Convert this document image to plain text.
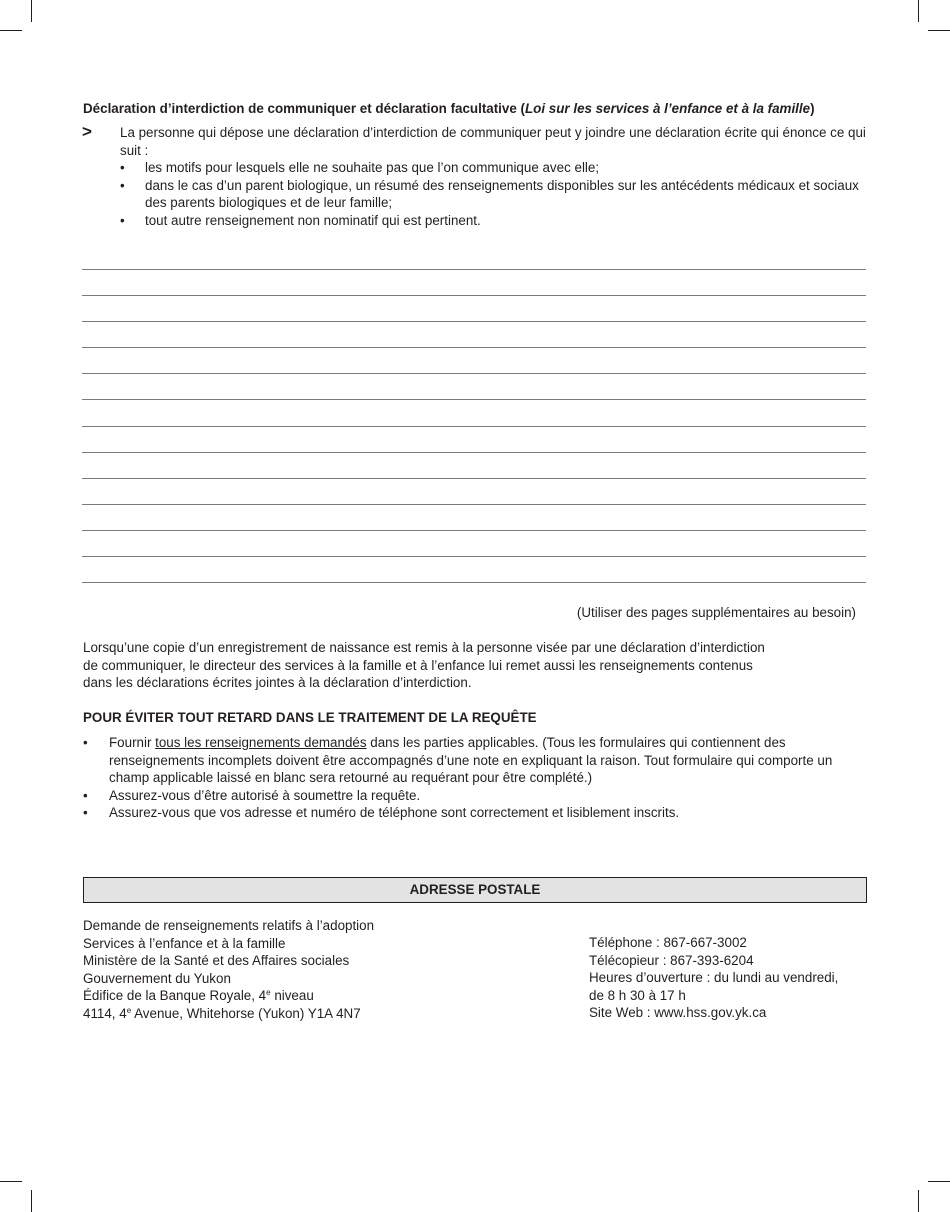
Déclaration d’interdiction de communiquer et déclaration facultative (Loi sur les services à l’enfance et à la famille)
> La personne qui dépose une déclaration d’interdiction de communiquer peut y joindre une déclaration écrite qui énonce ce qui suit :

• les motifs pour lesquels elle ne souhaite pas que l’on communique avec elle;
• dans le cas d’un parent biologique, un résumé des renseignements disponibles sur les antécédents médicaux et sociaux des parents biologiques et de leur famille;
• tout autre renseignement non nominatif qui est pertinent.
(Utiliser des pages supplémentaires au besoin)
Lorsqu’une copie d’un enregistrement de naissance est remis à la personne visée par une déclaration d’interdiction de communiquer, le directeur des services à la famille et à l’enfance lui remet aussi les renseignements contenus dans les déclarations écrites jointes à la déclaration d’interdiction.
POUR ÉVITER TOUT RETARD DANS LE TRAITEMENT DE LA REQUÊTE
• Fournir tous les renseignements demandés dans les parties applicables. (Tous les formulaires qui contiennent des renseignements incomplets doivent être accompagnés d’une note en expliquant la raison. Tout formulaire qui comporte un champ applicable laissé en blanc sera retourné au requérant pour être complété.)
• Assurez-vous d’être autorisé à soumettre la requête.
• Assurez-vous que vos adresse et numéro de téléphone sont correctement et lisiblement inscrits.
ADRESSE POSTALE
Demande de renseignements relatifs à l’adoption
Services à l’enfance et à la famille
Ministère de la Santé et des Affaires sociales
Gouvernement du Yukon
Édifice de la Banque Royale, 4e niveau
4114, 4e Avenue, Whitehorse (Yukon) Y1A 4N7
Téléphone : 867-667-3002
Télécopieur : 867-393-6204
Heures d’ouverture : du lundi au vendredi,
de 8 h 30 à 17 h
Site Web : www.hss.gov.yk.ca
